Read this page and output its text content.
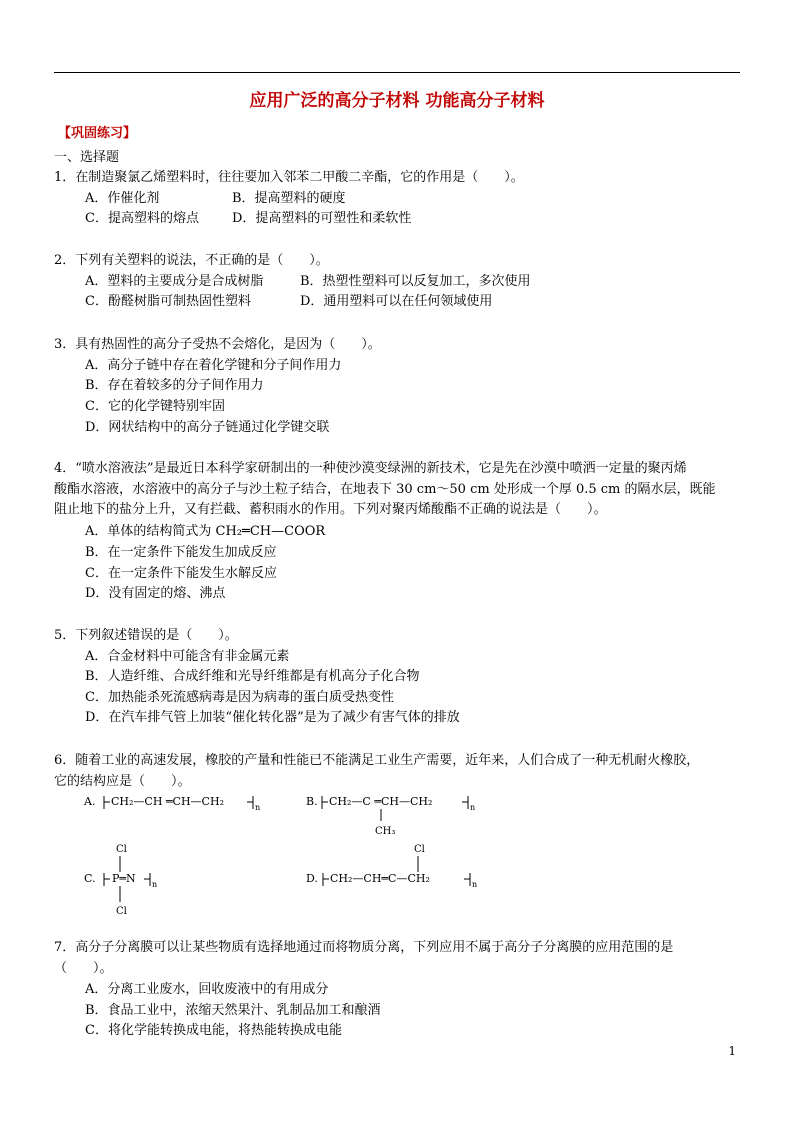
应用广泛的高分子材料 功能高分子材料
【巩固练习】
一、选择题
1．在制造聚氯乙烯塑料时，往往要加入邻苯二甲酸二辛酯，它的作用是（　　）。
A．作催化剂	B．提高塑料的硬度
C．提高塑料的熔点	D．提高塑料的可塑性和柔软性
2．下列有关塑料的说法，不正确的是（　　）。
A．塑料的主要成分是合成树脂	B．热塑性塑料可以反复加工，多次使用
C．酚醛树脂可制热固性塑料	D．通用塑料可以在任何领域使用
3．具有热固性的高分子受热不会熔化，是因为（　　）。
A．高分子链中存在着化学键和分子间作用力
B．存在着较多的分子间作用力
C．它的化学键特别牢固
D．网状结构中的高分子链通过化学键交联
4．“喷水溶液法”是最近日本科学家研制出的一种使沙漠变绿洲的新技术，它是先在沙漠中喷洒一定量的聚丙烯
酸酯水溶液，水溶液中的高分子与沙土粒子结合，在地表下 30 cm～50 cm 处形成一个厚 0.5 cm 的隔水层，既能
阻止地下的盐分上升，又有拦截、蓄积雨水的作用。下列对聚丙烯酸酯不正确的说法是（　　）。
A．单体的结构简式为 CH₂═CH—COOR
B．在一定条件下能发生加成反应
C．在一定条件下能发生水解反应
D．没有固定的熔、沸点
5．下列叙述错误的是（　　）。
A．合金材料中可能含有非金属元素
B．人造纤维、合成纤维和光导纤维都是有机高分子化合物
C．加热能杀死流感病毒是因为病毒的蛋白质受热变性
D．在汽车排气管上加装“催化转化器”是为了减少有害气体的排放
6．随着工业的高速发展，橡胶的产量和性能已不能满足工业生产需要，近年来，人们合成了一种无机耐火橡胶，
它的结构应是（　　）。
A. CH₂—CH ═CH—CH₂	n	B. CH₂—C ═CH—CH₂	n
CH₃
Cl
C. P═N n
Cl
Cl
D. CH₂—CH═C—CH₂	n
7．高分子分离膜可以让某些物质有选择地通过而将物质分离，下列应用不属于高分子分离膜的应用范围的是
（　　）。
A．分离工业废水，回收废液中的有用成分
B．食品工业中，浓缩天然果汁、乳制品加工和酿酒
C．将化学能转换成电能，将热能转换成电能
1
